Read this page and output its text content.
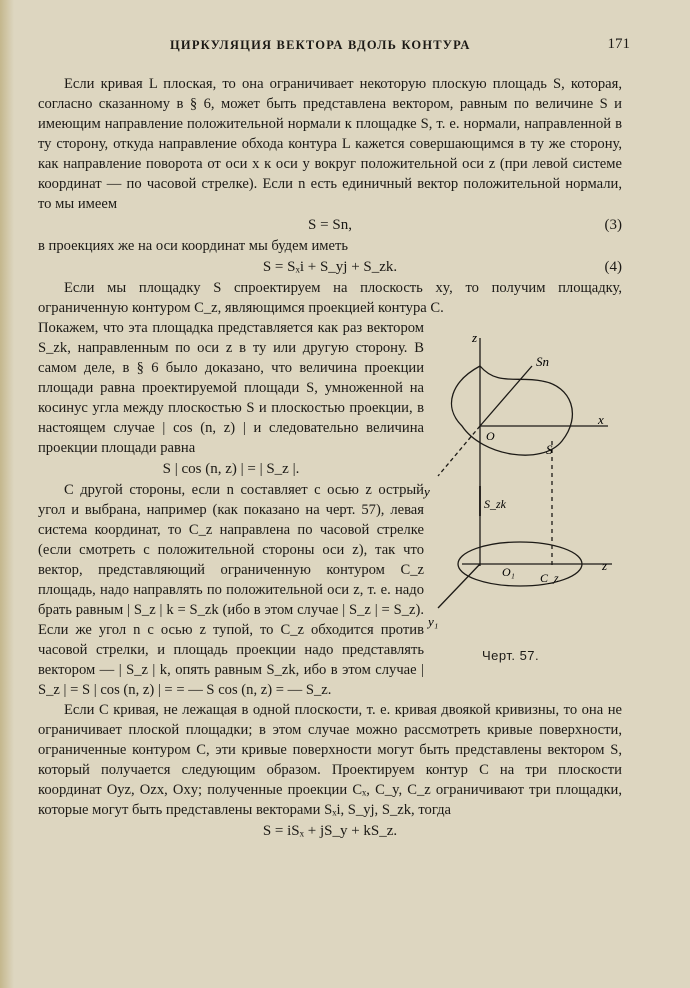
ЦИРКУЛЯЦИЯ ВЕКТОРА ВДОЛЬ КОНТУРА	171

Если кривая L плоская, то она ограничивает некоторую плоскую площадь S, которая, согласно сказанному в § 6, может быть представлена вектором, равным по величине S и имеющим направление положительной нормали к площадке S, т. е. нормали, направленной в ту сторону, откуда направление обхода контура L кажется совершающимся в ту же сторону, как направление поворота от оси x к оси y вокруг положительной оси z (при левой системе координат — по часовой стрелке). Если n есть единичный вектор положительной нормали, то мы имеем

S = Sn,	(3)

в проекциях же на оси координат мы будем иметь

S = Sₓi + S_yj + S_zk.	(4)

Если мы площадку S спроектируем на плоскость xy, то получим площадку, ограниченную контуром C_z, являющимся проекцией контура C.

Покажем, что эта площадка представляется как раз вектором S_zk, направленным по оси z в ту или другую сторону. В самом деле, в § 6 было доказано, что величина проекции площади равна проектируемой площади S, умноженной на косинус угла между плоскостью S и плоскостью проекции, в настоящем случае | cos (n, z) | и следовательно величина проекции площади равна

S | cos (n, z) | = | S_z |.

С другой стороны, если n составляет с осью z острый угол и выбрана, например (как показано на черт. 57), левая система координат, то C_z направлена по часовой стрелке (если смотреть с положительной стороны оси z), так что вектор, представляющий ограниченную контуром C_z площадь, надо направлять по положительной оси z, т. е. надо брать равным | S_z | k = S_zk (ибо в этом случае | S_z | = S_z). Если же угол n с осью z тупой, то C_z обходится против часовой стрелки, и площадь проекции надо представлять вектором — | S_z | k, опять равным S_zk, ибо в этом случае | S_z | = S | cos (n, z) | = = — S cos (n, z) = — S_z.

z
Sn
x
O
S
y
S_zk
z
O₁ C_z
y₁
Черт. 57.

Если C кривая, не лежащая в одной плоскости, т. е. кривая двоякой кривизны, то она не ограничивает плоской площадки; в этом случае можно рассмотреть кривые поверхности, ограниченные контуром C, эти кривые поверхности могут быть представлены вектором S, который получается следующим образом. Проектируем контур C на три плоскости координат Oyz, Ozx, Oxy; полученные проекции Cₓ, C_y, C_z ограничивают три площадки, которые могут быть представлены векторами Sₓi, S_yj, S_zk, тогда

S = iSₓ + jS_y + kS_z.
